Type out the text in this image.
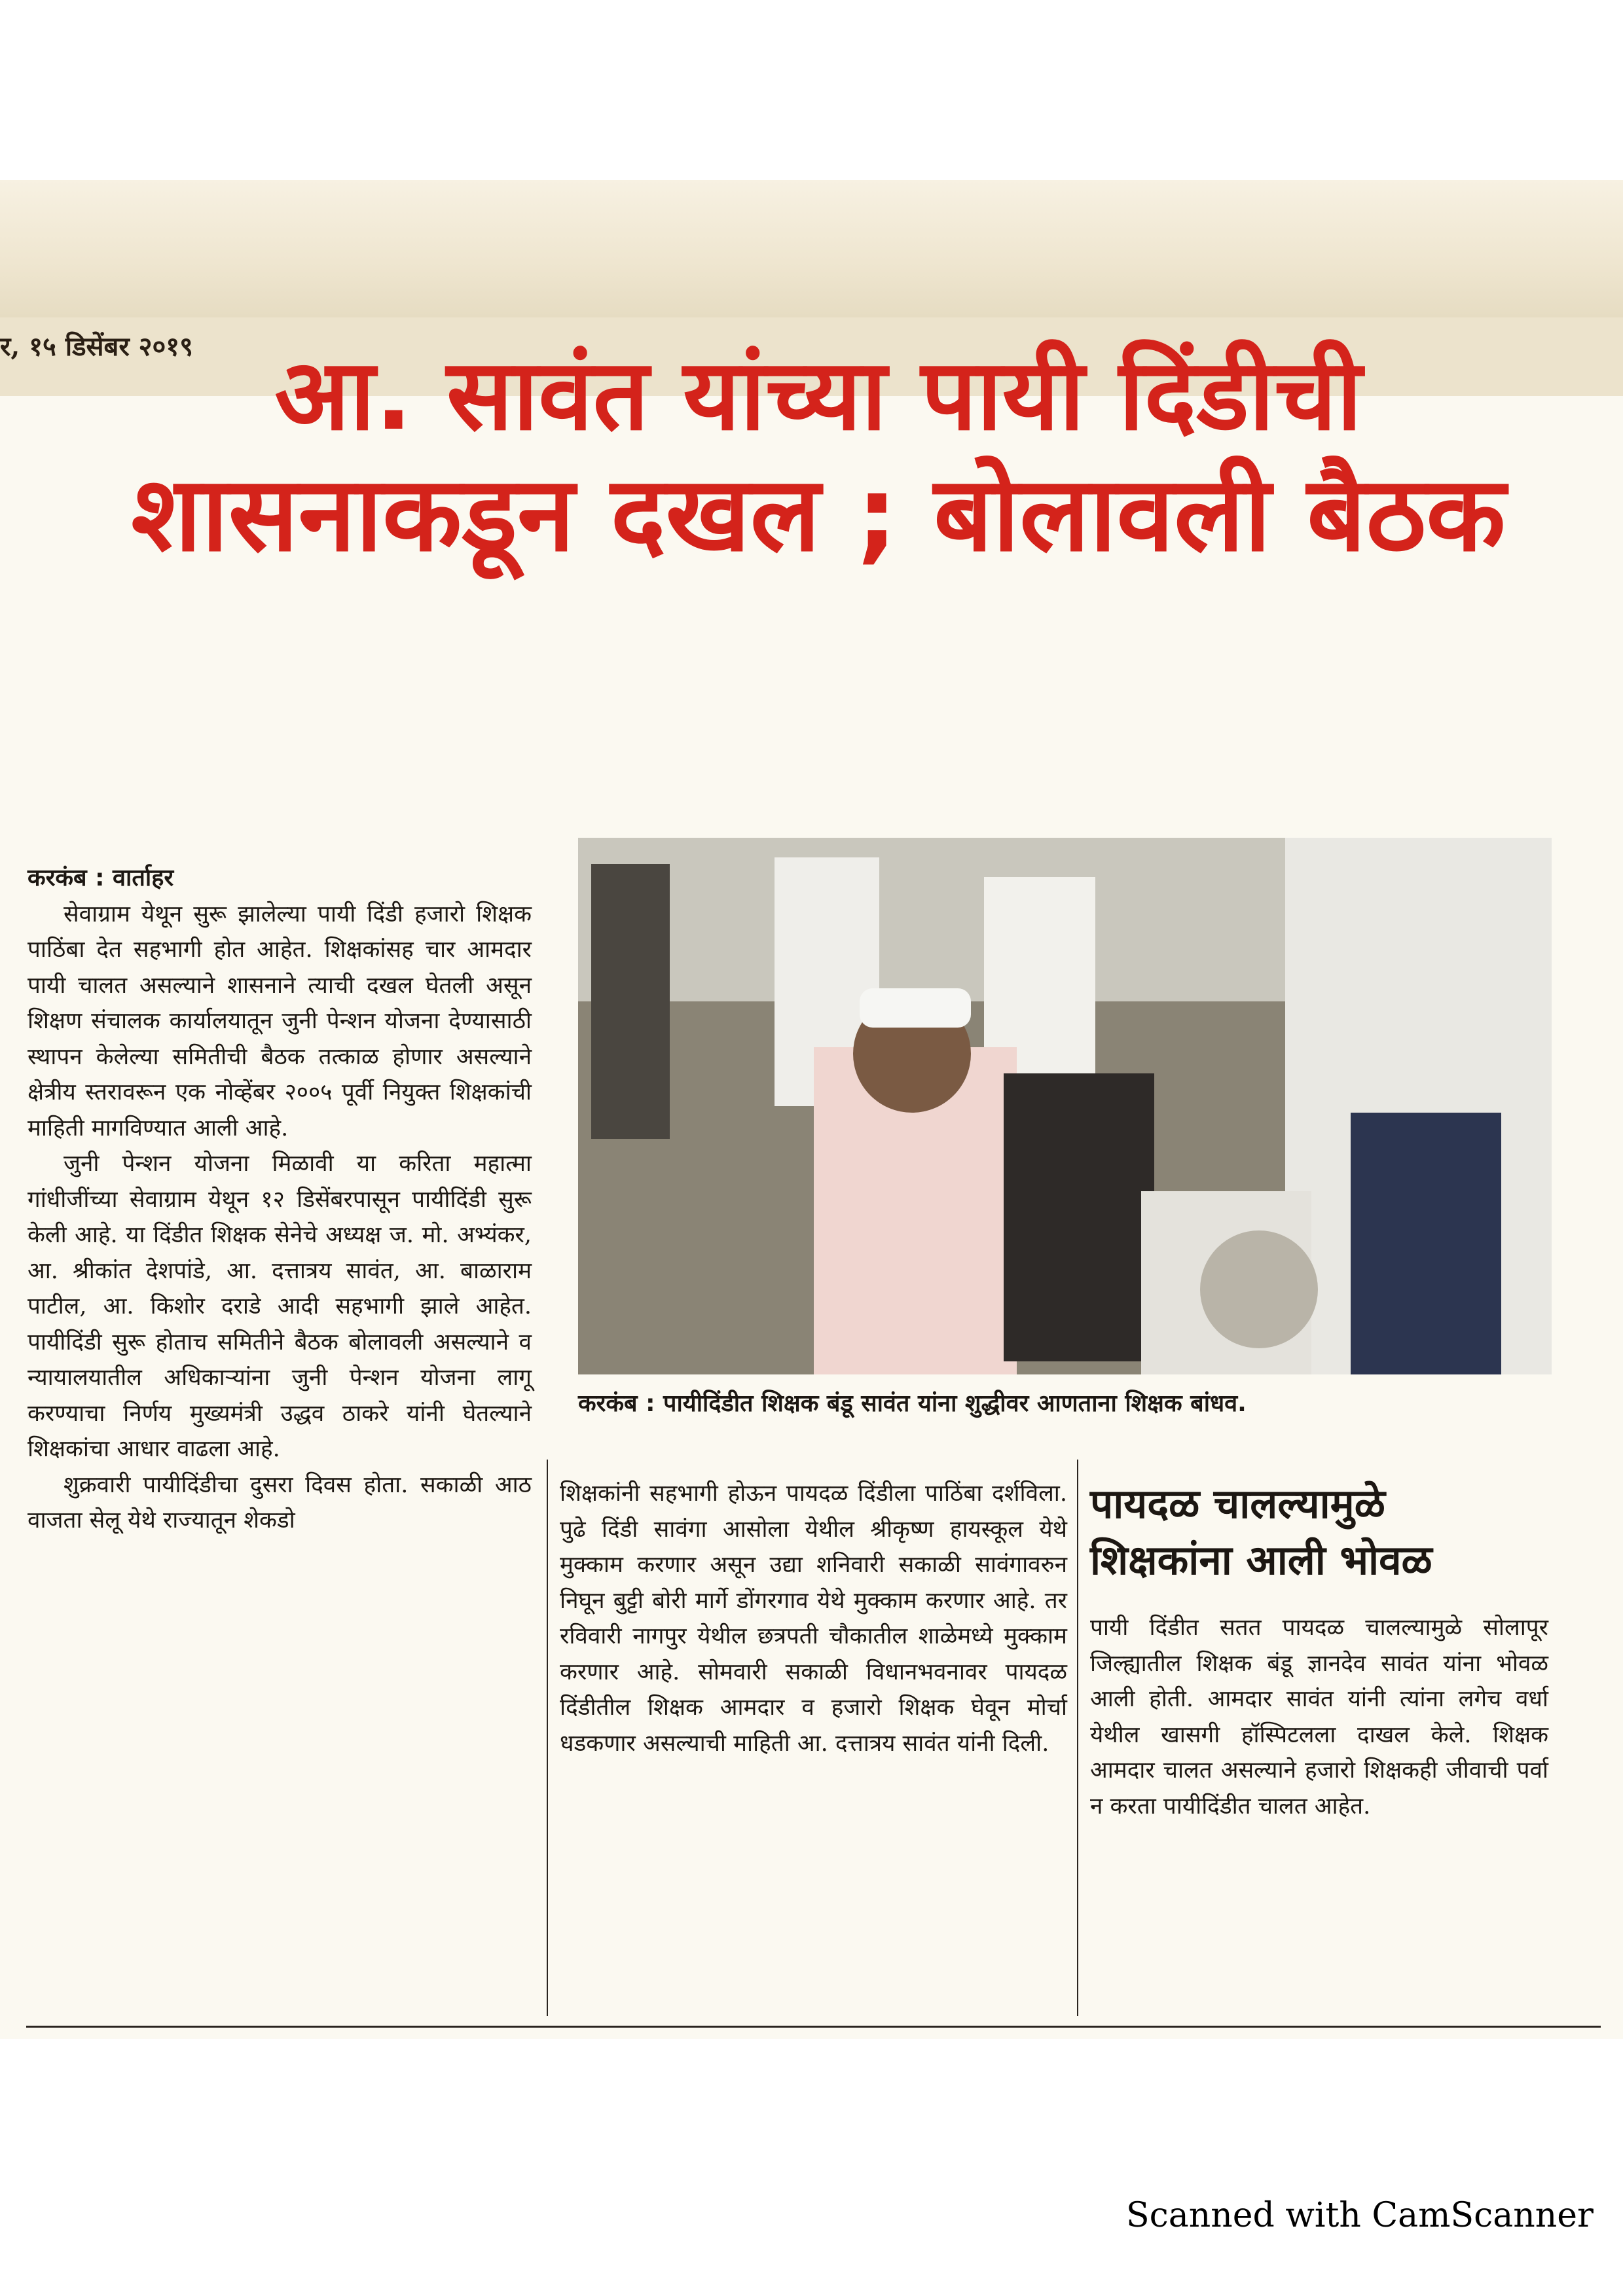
र, १५ डिसेंबर २०१९ आ. सावंत यांच्या पायी दिंडीची
शासनाकडून दखल ; बोलावली बैठक
करकंब : वार्ताहर

सेवाग्राम येथून सुरू झालेल्या पायी दिंडी हजारो शिक्षक पाठिंबा देत सहभागी होत आहेत. शिक्षकांसह चार आमदार पायी चालत असल्याने शासनाने त्याची दखल घेतली असून शिक्षण संचालक कार्यालयातून जुनी पेन्शन योजना देण्यासाठी स्थापन केलेल्या समितीची बैठक तत्काळ होणार असल्याने क्षेत्रीय स्तरावरून एक नोव्हेंबर २००५ पूर्वी नियुक्त शिक्षकांची माहिती मागविण्यात आली आहे.

जुनी पेन्शन योजना मिळावी या करिता महात्मा गांधीजींच्या सेवाग्राम येथून १२ डिसेंबरपासून पायीदिंडी सुरू केली आहे. या दिंडीत शिक्षक सेनेचे अध्यक्ष ज. मो. अभ्यंकर, आ. श्रीकांत देशपांडे, आ. दत्तात्रय सावंत, आ. बाळाराम पाटील, आ. किशोर दराडे आदी सहभागी झाले आहेत. पायीदिंडी सुरू होताच समितीने बैठक बोलावली असल्याने व न्यायालयातील अधिकाऱ्यांना जुनी पेन्शन योजना लागू करण्याचा निर्णय मुख्यमंत्री उद्धव ठाकरे यांनी घेतल्याने शिक्षकांचा आधार वाढला आहे.

शुक्रवारी पायीदिंडीचा दुसरा दिवस होता. सकाळी आठ वाजता सेलू येथे राज्यातून शेकडो

करकंब : पायीदिंडीत शिक्षक बंडू सावंत यांना शुद्धीवर आणताना शिक्षक बांधव.

शिक्षकांनी सहभागी होऊन पायदळ दिंडीला पाठिंबा दर्शविला. पुढे दिंडी सावंगा आसोला येथील श्रीकृष्ण हायस्कूल येथे मुक्काम करणार असून उद्या शनिवारी सकाळी सावंगावरुन निघून बुट्टी बोरी मार्गे डोंगरगाव येथे मुक्काम करणार आहे. तर रविवारी नागपुर येथील छत्रपती चौकातील शाळेमध्ये मुक्काम करणार आहे. सोमवारी सकाळी विधानभवनावर पायदळ दिंडीतील शिक्षक आमदार व हजारो शिक्षक घेवून मोर्चा धडकणार असल्याची माहिती आ. दत्तात्रय सावंत यांनी दिली.

पायदळ चालल्यामुळे
शिक्षकांना आली भोवळ

पायी दिंडीत सतत पायदळ चालल्यामुळे सोलापूर जिल्ह्यातील शिक्षक बंडू ज्ञानदेव सावंत यांना भोवळ आली होती. आमदार सावंत यांनी त्यांना लगेच वर्धा येथील खासगी हॉस्पिटलला दाखल केले. शिक्षक आमदार चालत असल्याने हजारो शिक्षकही जीवाची पर्वा न करता पायीदिंडीत चालत आहेत.

Scanned with CamScanner
